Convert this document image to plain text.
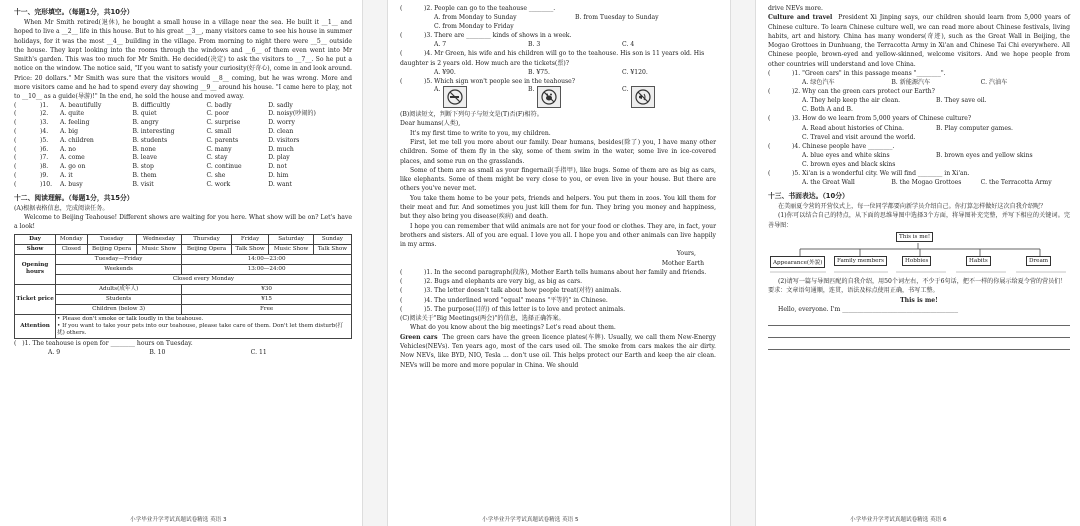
十一、完形填空。（每题1分，共10分）

When Mr Smith retired(退休), he bought a small house in a village near the sea. He built it __1__ and hoped to live a __2__ life in this house. But to his great __3__, many visitors came to see his house in summer holidays, for it was the most __4__ building in the village. From morning to night there were __5__ outside the house. They kept looking into the rooms through the windows and __6__ of them even went into Mr Smith's garden. This was too much for Mr Smith. He decided(决定) to ask the visitors to __7__. So he put a notice on the window. The notice said, "If you want to satisfy your curiosity(好奇心), come in and look around. Price: 20 dollars." Mr Smith was sure that the visitors would __8__ coming, but he was wrong. More and more visitors came and he had to spend every day showing __9__ around his house. "I came here to play, not to __10__ as a guide(导游)!" In the end, he sold the house and moved away.

(	)1.	A. beautifully	B. difficultly	C. badly	D. sadly
(	)2.	A. quite	B. quiet	C. poor	D. noisy(吵闹的)
(	)3.	A. feeling	B. angry	C. surprise	D. worry
(	)4.	A. big	B. interesting	C. small	D. clean
(	)5.	A. children	B. students	C. parents	D. visitors
(	)6.	A. no	B. none	C. many	D. much
(	)7.	A. come	B. leave	C. stay	D. play
(	)8.	A. go on	B. stop	C. continue	D. not
(	)9.	A. it	B. them	C. she	D. him
(	)10.	A. busy	B. visit	C. work	D. want
十二、阅读理解。（每题1分，共15分）

(A)根据表格信息，完成阅读任务。

Welcome to Beijing Teahouse! Different shows are waiting for you here. What show will be on? Let's have a look!

Day	Monday	Tuesday	Wednesday	Thursday	Friday	Saturday	Sunday
Show	Closed	Beijing Opera	Music Show	Beijing Opera	Talk Show	Music Show	Talk Show
Opening hours	Tuesday—Friday			14:00—23:00			
	Weekends			13:00—24:00			
	Closed every Monday						
Ticket price	Adults(成年人)			¥30			
	Students			¥15			
	Children (below 3)			Free			
Attention	• Please don't smoke or talk loudly in the teahouse.
• If you want to take your pets into our teahouse, please take care of them. Don't let them disturb(打扰) others.						

(   )1. The teahouse is open for ________ hours on Tuesday.

A. 9	B. 10	C. 11
小学毕业升学考试真题试卷精选 英语 3

(	)2. People can go to the teahouse ________.

A. from Monday to Sunday	B. from Tuesday to Sunday
C. from Monday to Friday

(	)3. There are ________ kinds of shows in a week.

A. 7	B. 3	C. 4

(	)4. Mr Green, his wife and his children will go to the teahouse. His son is 11 years old. His daughter is 2 years old. How much are the tickets(票)?

A. ¥90.	B. ¥75.	C. ¥120.

(	)5. Which sign won't people see in the teahouse?

A.	B.	C.

(B)阅读短文，判断下列句子与短文是(T)否(F)相符。

Dear humans(人类),

It's my first time to write to you, my children.

First, let me tell you more about our family. Dear humans, besides(除了) you, I have many other children. Some of them fly in the sky, some of them swim in the water, some live in ice-covered places, and some run on the grasslands.

Some of them are as small as your fingernail(手指甲), like bugs. Some of them are as big as cars, like elephants. Some of them might be very close to you, or even live in your house. But there are others you've never met.

You take them home to be your pets, friends and helpers. You put them in zoos. You kill them for their meat and fur. And sometimes you just kill them for fun. They bring you money and happiness, but they also bring you disease(疾病) and death.

I hope you can remember that wild animals are not for your food or clothes. They are, in fact, your brothers and sisters. All of you are equal. I love you all. I hope you and other animals can live happily in my arms.

Yours,

Mother Earth

(	)1. In the second paragraph(段落), Mother Earth tells humans about her family and friends.

(	)2. Bugs and elephants are very big, as big as cars.

(	)3. The letter doesn't talk about how people treat(对待) animals.

(	)4. The underlined word "equal" means "平等的" in Chinese.

(	)5. The purpose(目的) of this letter is to love and protect animals.

(C)阅读关于"Big Meetings(两会)"的信息，选择正确答案。

What do you know about the big meetings? Let's read about them.

Green cars The green cars have the green licence plates(车牌). Usually, we call them New-Energy Vehicles(NEVs). Ten years ago, most of the cars used oil. The smoke from cars makes the air dirty. Now NEVs, like BYD, NIO, Tesla ... don't use oil. This helps protect our Earth and keep the air clean. NEVs will be more and more popular in China. We should

小学毕业升学考试真题试卷精选 英语 5

drive NEVs more.

Culture and travel President Xi Jinping says, our children should learn from 5,000 years of Chinese culture. To learn Chinese culture well, we can read more about Chinese festivals, living habits, art and history. China has many wonders(奇迹), such as the Great Wall in Beijing, the Mogao Grottoes in Dunhuang, the Terracotta Army in Xi'an and Chinese Tai Chi everywhere. All Chinese people, brown-eyed and yellow-skinned, welcome visitors. And we hope people from other countries will understand and love China.

(	)1. "Green cars" in this passage means "________".

A. 绿色汽车	B. 新能源汽车	C. 汽油车

(	)2. Why can the green cars protect our Earth?

A. They help keep the air clean.	B. They save oil.
C. Both A and B.

(	)3. How do we learn from 5,000 years of Chinese culture?

A. Read about histories of China.	B. Play computer games.
C. Travel and visit around the world.

(	)4. Chinese people have ________.

A. blue eyes and white skins	B. brown eyes and yellow skins
C. brown eyes and black skins

(	)5. Xi'an is a wonderful city. We will find ________ in Xi'an.

A. the Great Wall	B. the Mogao Grottoes	C. the Terracotta Army
十三、书面表达。（10分）

在美丽夏令营的开营仪式上，每一位同学都要向新学员介绍自己。你打算怎样做好这次自我介绍呢？

(1)你可以结合自己的特点，从下面的思维导图中选择3个方面，将导图补充完整，并写下相应的关键词。完善导图：

This is me!
Appearance(外貌)	Family members	Hobbies	Habits	Dream

(2)请写一篇与导图匹配的自我介绍，用50个词左右，不少于6句话，把不一样的你展示给夏令营的营员们！

要求：文章语句通顺，连贯，语法及标点使用正确，书写工整。

This is me!

Hello, everyone. I'm ______________________________________

小学毕业升学考试真题试卷精选 英语 6
